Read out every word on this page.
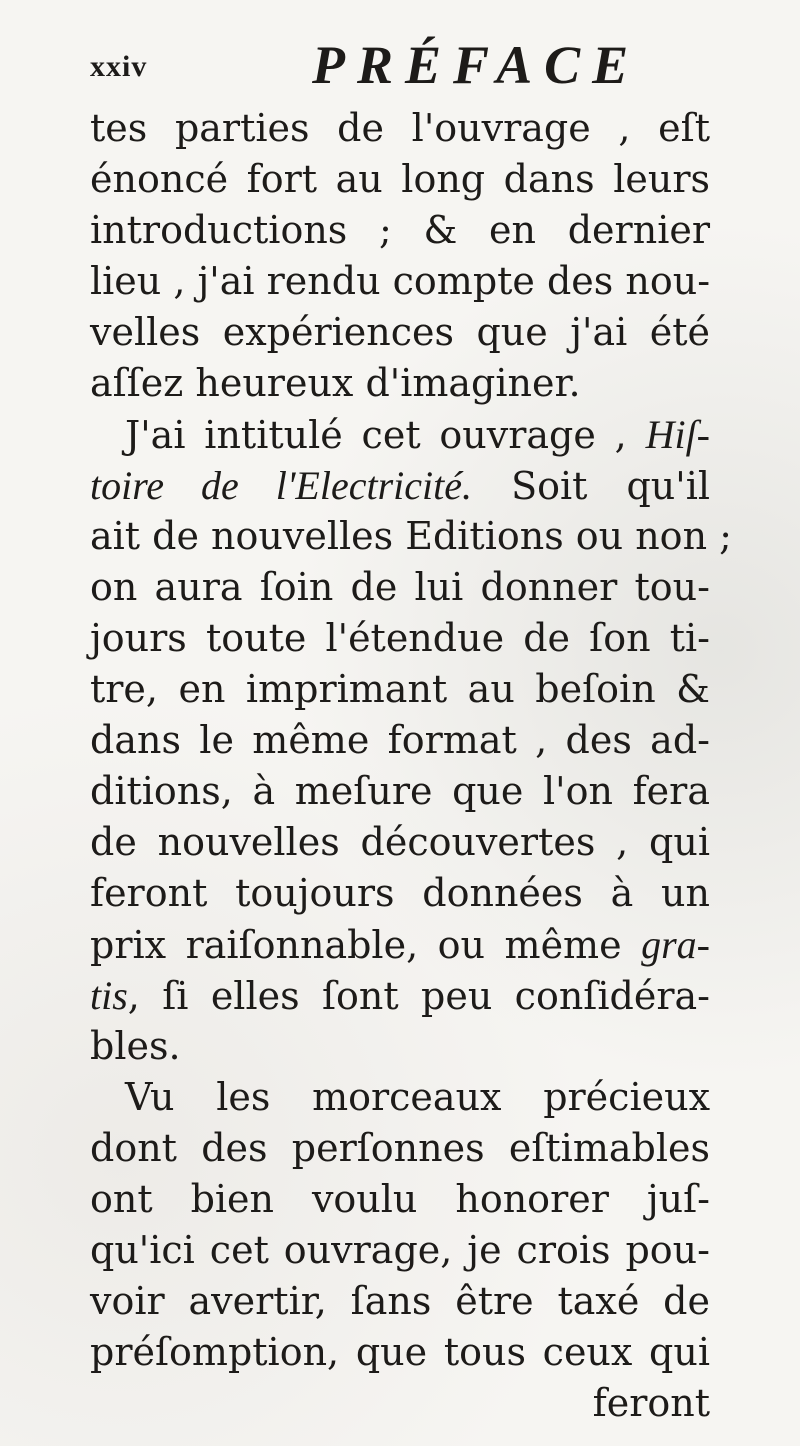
xxiv	PRÉFACE
tes parties de l'ouvrage , eſt
énoncé fort au long dans leurs
introductions ; & en dernier
lieu , j'ai rendu compte des nou-
velles expériences que j'ai été
aſſez heureux d'imaginer.
J'ai intitulé cet ouvrage , Hiſ-
toire de l'Electricité. Soit qu'il
ait de nouvelles Editions ou non ;
on aura ſoin de lui donner tou-
jours toute l'étendue de ſon ti-
tre, en imprimant au beſoin &
dans le même format , des ad-
ditions, à meſure que l'on fera
de nouvelles découvertes , qui
feront toujours données à un
prix raiſonnable, ou même gra-
tis, ſi elles ſont peu conſidéra-
bles.
Vu les morceaux précieux
dont des perſonnes eſtimables
ont bien voulu honorer juſ-
qu'ici cet ouvrage, je crois pou-
voir avertir, ſans être taxé de
préſomption, que tous ceux qui
feront
